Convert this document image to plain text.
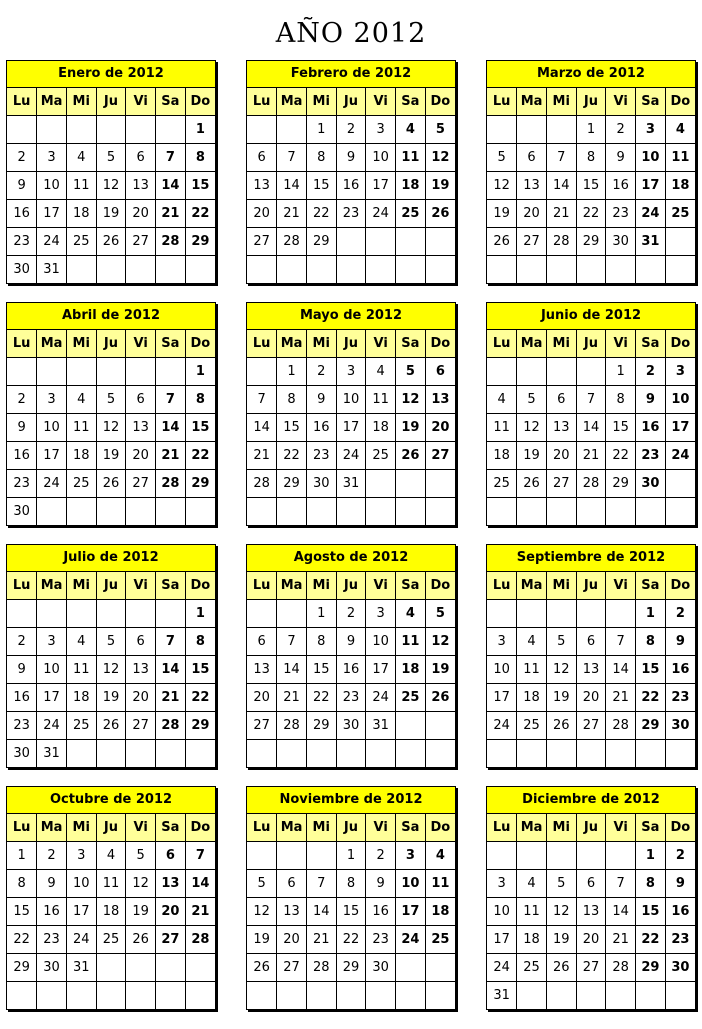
AÑO 2012
Enero de 2012
Lu	Ma	Mi	Ju	Vi	Sa	Do
						1
2	3	4	5	6	7	8
9	10	11	12	13	14	15
16	17	18	19	20	21	22
23	24	25	26	27	28	29
30	31					
Febrero de 2012
Lu	Ma	Mi	Ju	Vi	Sa	Do
		1	2	3	4	5
6	7	8	9	10	11	12
13	14	15	16	17	18	19
20	21	22	23	24	25	26
27	28	29				

Marzo de 2012
Lu	Ma	Mi	Ju	Vi	Sa	Do
			1	2	3	4
5	6	7	8	9	10	11
12	13	14	15	16	17	18
19	20	21	22	23	24	25
26	27	28	29	30	31	

Abril de 2012
Lu	Ma	Mi	Ju	Vi	Sa	Do
						1
2	3	4	5	6	7	8
9	10	11	12	13	14	15
16	17	18	19	20	21	22
23	24	25	26	27	28	29
30						
Mayo de 2012
Lu	Ma	Mi	Ju	Vi	Sa	Do
	1	2	3	4	5	6
7	8	9	10	11	12	13
14	15	16	17	18	19	20
21	22	23	24	25	26	27
28	29	30	31			

Junio de 2012
Lu	Ma	Mi	Ju	Vi	Sa	Do
				1	2	3
4	5	6	7	8	9	10
11	12	13	14	15	16	17
18	19	20	21	22	23	24
25	26	27	28	29	30	

Julio de 2012
Lu	Ma	Mi	Ju	Vi	Sa	Do
						1
2	3	4	5	6	7	8
9	10	11	12	13	14	15
16	17	18	19	20	21	22
23	24	25	26	27	28	29
30	31					
Agosto de 2012
Lu	Ma	Mi	Ju	Vi	Sa	Do
		1	2	3	4	5
6	7	8	9	10	11	12
13	14	15	16	17	18	19
20	21	22	23	24	25	26
27	28	29	30	31		

Septiembre de 2012
Lu	Ma	Mi	Ju	Vi	Sa	Do
					1	2
3	4	5	6	7	8	9
10	11	12	13	14	15	16
17	18	19	20	21	22	23
24	25	26	27	28	29	30

Octubre de 2012
Lu	Ma	Mi	Ju	Vi	Sa	Do
1	2	3	4	5	6	7
8	9	10	11	12	13	14
15	16	17	18	19	20	21
22	23	24	25	26	27	28
29	30	31				

Noviembre de 2012
Lu	Ma	Mi	Ju	Vi	Sa	Do
			1	2	3	4
5	6	7	8	9	10	11
12	13	14	15	16	17	18
19	20	21	22	23	24	25
26	27	28	29	30		

Diciembre de 2012
Lu	Ma	Mi	Ju	Vi	Sa	Do
					1	2
3	4	5	6	7	8	9
10	11	12	13	14	15	16
17	18	19	20	21	22	23
24	25	26	27	28	29	30
31						
